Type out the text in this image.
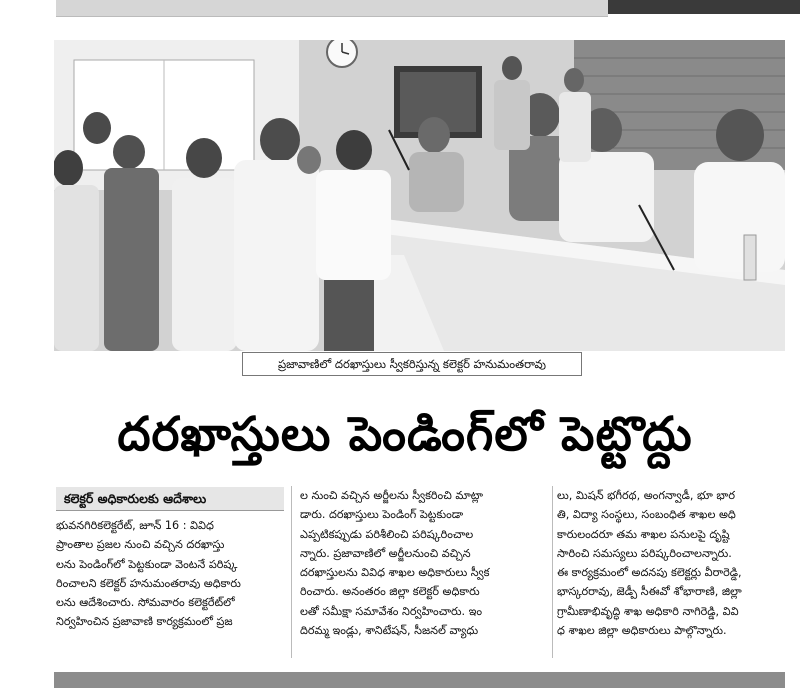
ప్రజావాణిలో దరఖాస్తులు స్వీకరిస్తున్న కలెక్టర్ హనుమంతరావు
దరఖాస్తులు పెండింగ్‌లో పెట్టొద్దు
కలెక్టర్ అధికారులకు ఆదేశాలు
భువనగిరికలెక్టరేట్, జూన్ 16 : వివిధ
ప్రాంతాల ప్రజల నుంచి వచ్చిన దరఖాస్తు
లను పెండింగ్‌లో పెట్టకుండా వెంటనే పరిష్క
రించాలని కలెక్టర్ హనుమంతరావు అధికారు
లను ఆదేశించారు. సోమవారం కలెక్టరేట్‌లో
నిర్వహించిన ప్రజావాణి కార్యక్రమంలో ప్రజ
ల నుంచి వచ్చిన అర్జీలను స్వీకరించి మాట్లా
డారు. దరఖాస్తులు పెండింగ్ పెట్టకుండా
ఎప్పటికప్పుడు పరిశీలించి పరిష్కరించాల
న్నారు. ప్రజావాణిలో అర్జీలనుంచి వచ్చిన
దరఖాస్తులను వివిధ శాఖల అధికారులు స్వీక
రించారు. అనంతరం జిల్లా కలెక్టర్ అధికారు
లతో సమీక్షా సమావేశం నిర్వహించారు. ఇం
దిరమ్మ ఇండ్లు, శానిటేషన్, సీజనల్ వ్యాధు
లు, మిషన్ భగీరథ, అంగన్వాడీ, భూ భార
తి, విద్యా సంస్థలు, సంబంధిత శాఖల అధి
కారులందరూ తమ శాఖల పనులపై దృష్టి
సారించి సమస్యలు పరిష్కరించాలన్నారు.
ఈ కార్యక్రమంలో అదనపు కలెక్టర్లు వీరారెడ్డి,
భాస్కరరావు, జెడ్పీ సీఈవో శోభారాణి, జిల్లా
గ్రామీణాభివృద్ధి శాఖ అధికారి నాగిరెడ్డి, వివి
ధ శాఖల జిల్లా అధికారులు పాల్గొన్నారు.
